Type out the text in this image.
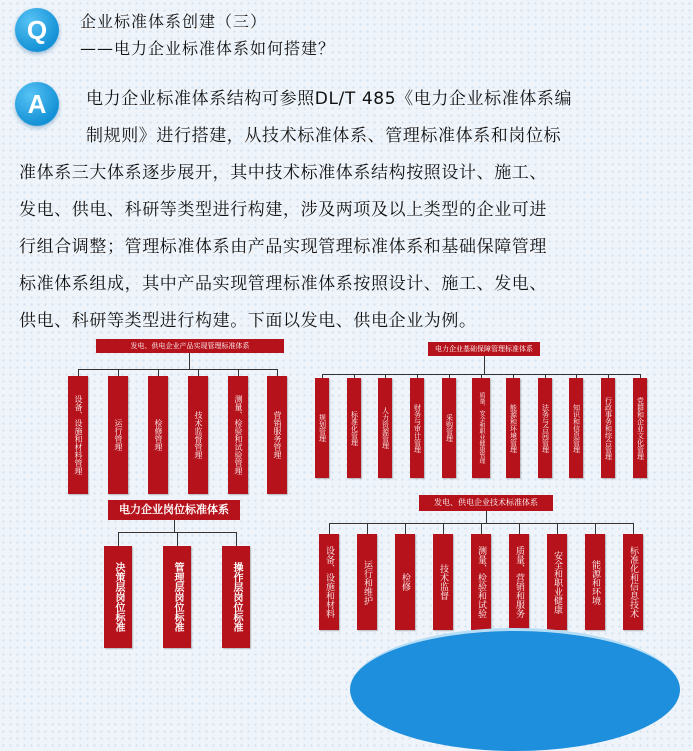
Q	企业标准体系创建（三）
——电力企业标准体系如何搭建？
A	电力企业标准体系结构可参照DL/T 485《电力企业标准体系编
制规则》进行搭建，从技术标准体系、管理标准体系和岗位标
准体系三大体系逐步展开，其中技术标准体系结构按照设计、施工、
发电、供电、科研等类型进行构建，涉及两项及以上类型的企业可进
行组合调整；管理标准体系由产品实现管理标准体系和基础保障管理
标准体系组成，其中产品实现管理标准体系按照设计、施工、发电、
供电、科研等类型进行构建。下面以发电、供电企业为例。
发电、供电企业产品实现管理标准体系
设备、设施和材料管理	运行管理	检修管理	技术监督管理	测量、检验和试验管理	营销服务管理
电力企业基础保障管理标准体系
规划管理	标准化管理	人力资源管理	财务与审计管理	采购管理	质量、安全和职业健康管理	能源和环境管理	法务与合同管理	知识和信息管理	行政事务和综合管理	党群和企业文化管理
电力企业岗位标准体系
决策层岗位标准	管理层岗位标准	操作层岗位标准
发电、供电企业技术标准体系
设备、设施和材料	运行和维护	检修	技术监督	测量、检验和试验	质量、营销和服务	安全和职业健康	能源和环境	标准化和信息技术
